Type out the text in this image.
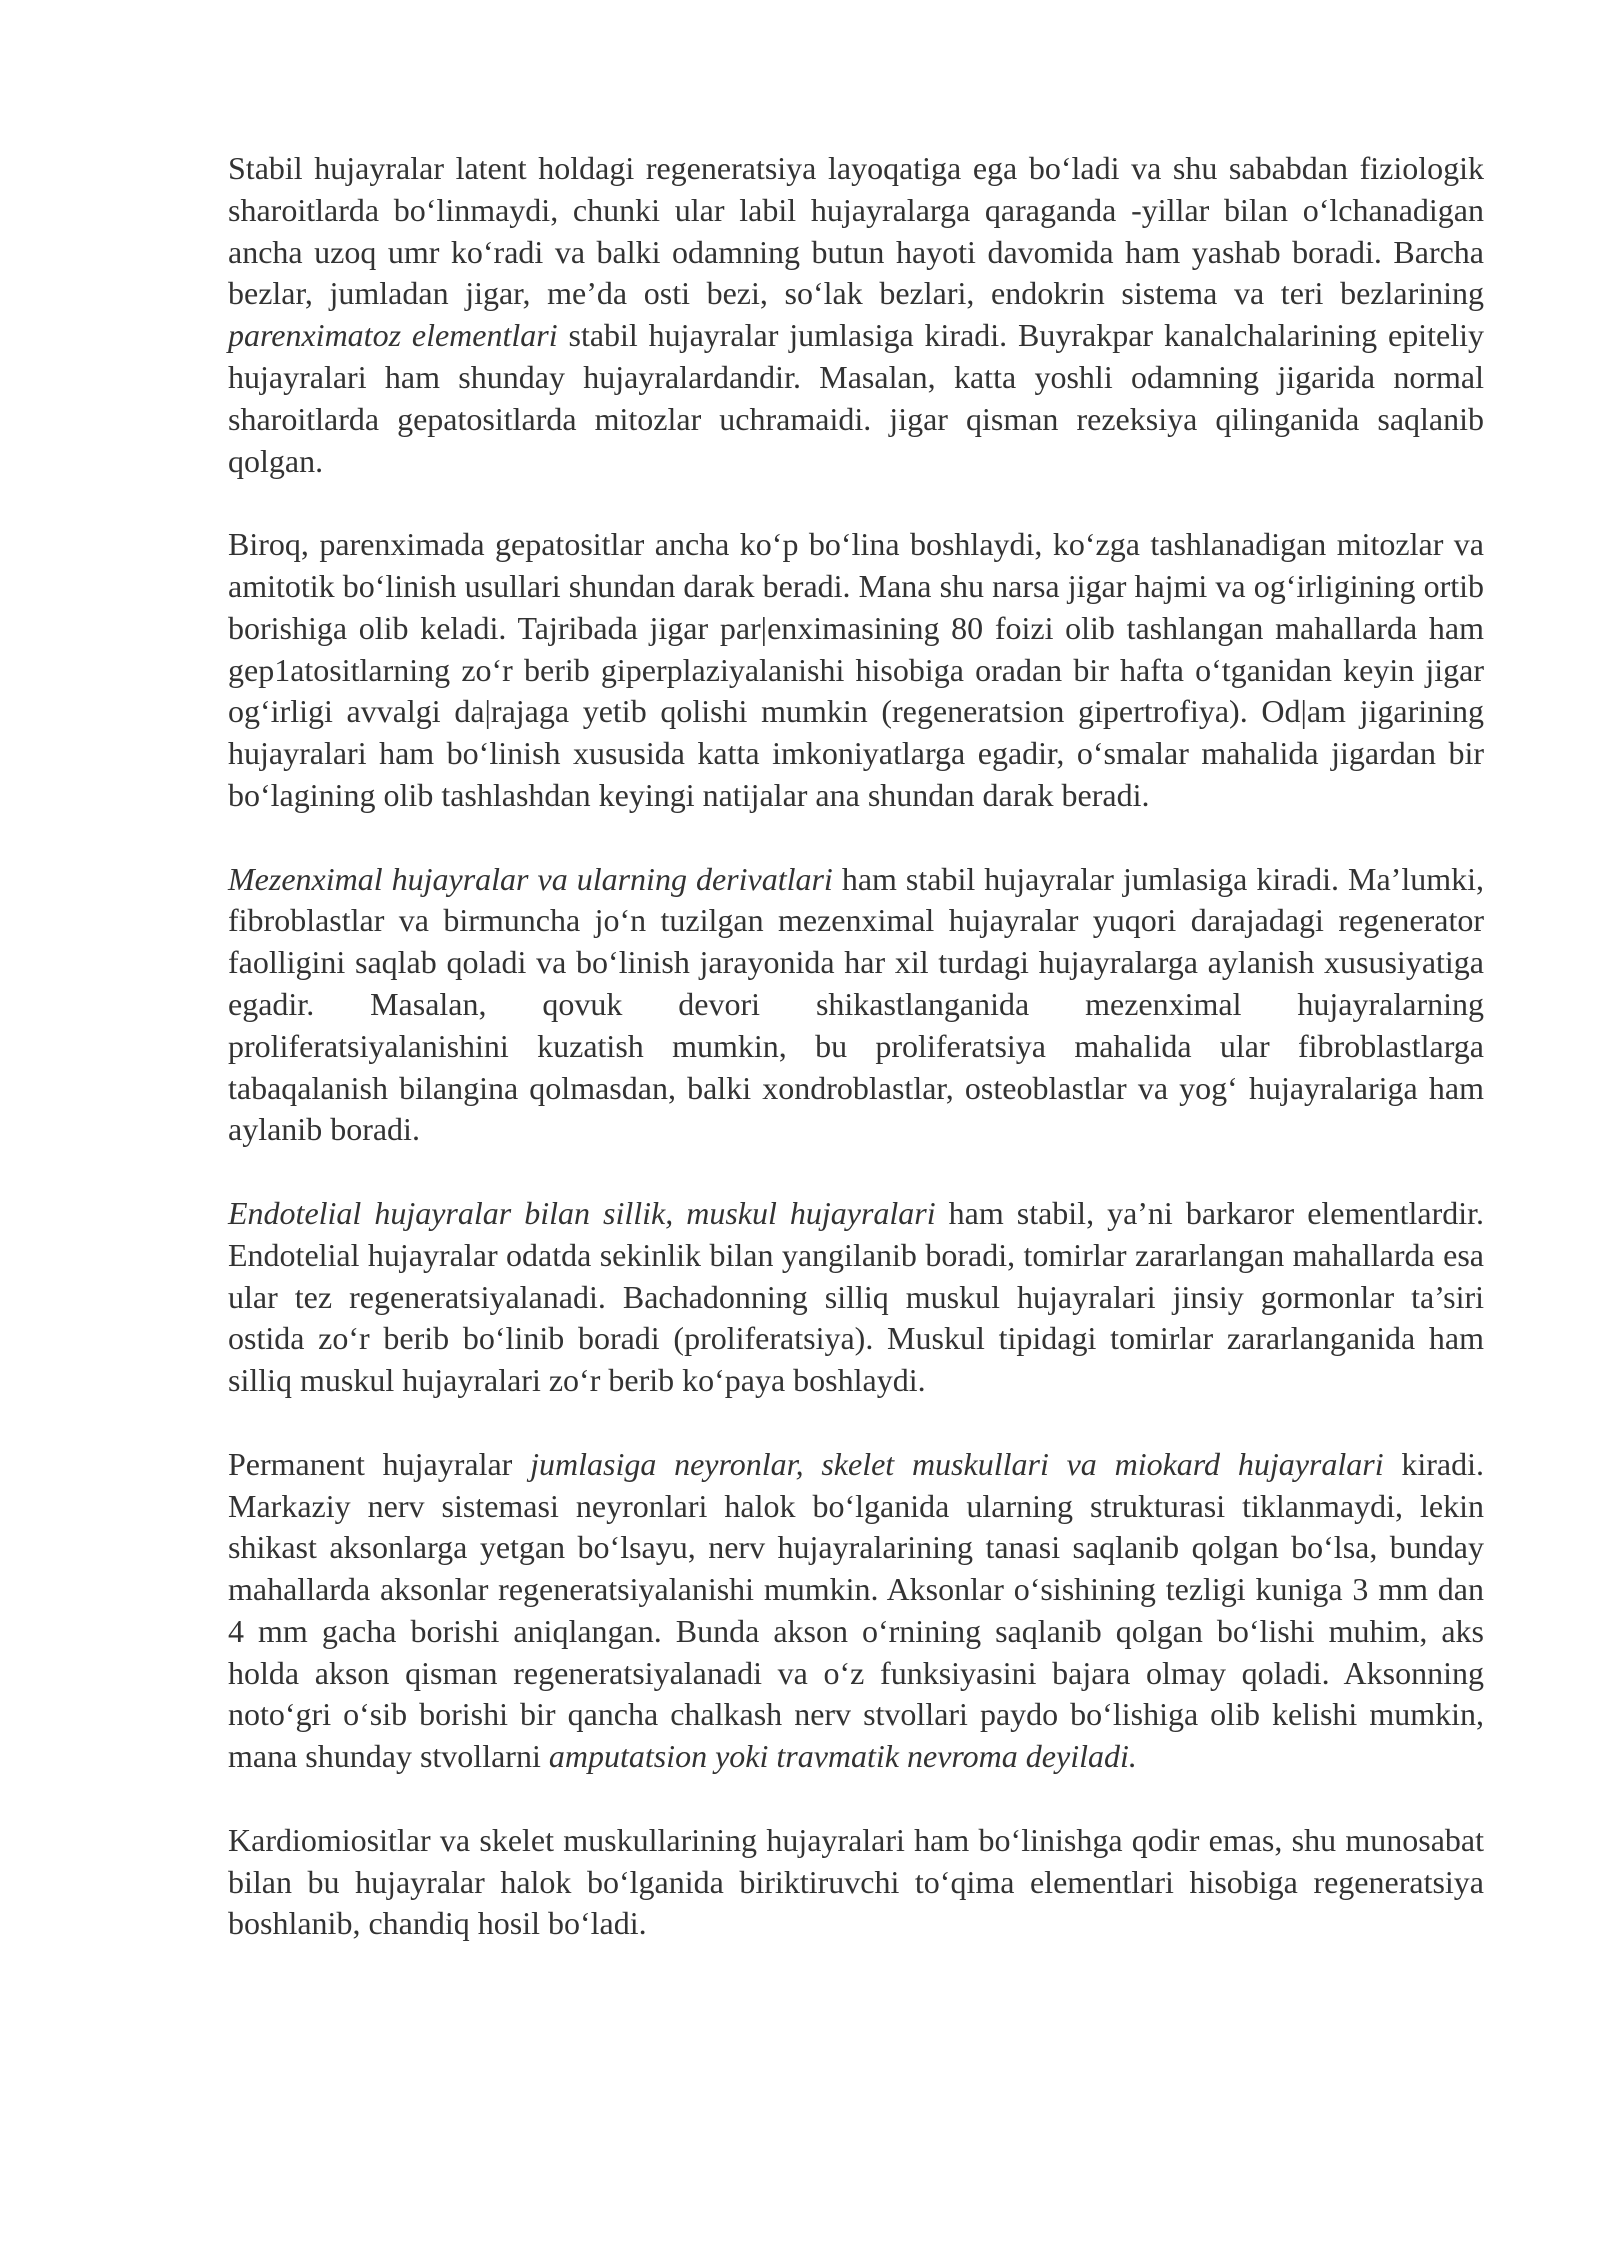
Stabil hujayralar latent holdagi regeneratsiya layoqatiga ega boʻladi va shu sababdan fiziologik sharoitlarda boʻlinmaydi, chunki ular labil hujayralarga qaraganda -yillar bilan oʻlchanadigan ancha uzoq umr koʻradi va balki odamning butun hayoti davomida ham yashab boradi. Barcha bezlar, jumladan jigar, me’da osti bezi, soʻlak bezlari, endokrin sistema va teri bezlarining parenximatoz elementlari stabil hujayralar jumlasiga kiradi. Buyrakpar kanalchalarining epiteliy hujayralari ham shunday hujayralardandir. Masalan, katta yoshli odamning jigarida normal sharoitlarda gepatositlarda mitozlar uchramaidi. jigar qisman rezeksiya qilinganida saqlanib qolgan.

Biroq, parenximada gepatositlar ancha koʻp boʻlina boshlaydi, koʻzga tashlanadigan mitozlar va amitotik boʻlinish usullari shundan darak beradi. Mana shu narsa jigar hajmi va ogʻirligining ortib borishiga olib keladi. Tajribada jigar par|enximasining 80 foizi olib tashlangan mahallarda ham gep1atositlarning zoʻr berib giperplaziyalanishi hisobiga oradan bir hafta oʻtganidan keyin jigar ogʻirligi avvalgi da|rajaga yetib qolishi mumkin (regeneratsion gipertrofiya). Od|am jigarining hujayralari ham boʻlinish xususida katta imkoniyatlarga egadir, oʻsmalar mahalida jigardan bir boʻlagining olib tashlashdan keyingi natijalar ana shundan darak beradi.

Mezenximal hujayralar va ularning derivatlari ham stabil hujayralar jumlasiga kiradi. Ma’lumki, fibroblastlar va birmuncha joʻn tuzilgan mezenximal hujayralar yuqori darajadagi regenerator faolligini saqlab qoladi va boʻlinish jarayonida har xil turdagi hujayralarga aylanish xususiyatiga egadir. Masalan, qovuk devori shikastlanganida mezenximal hujayralarning proliferatsiyalanishini kuzatish mumkin, bu proliferatsiya mahalida ular fibroblastlarga tabaqalanish bilangina qolmasdan, balki xondroblastlar, osteoblastlar va yogʻ hujayralariga ham aylanib boradi.

Endotelial hujayralar bilan sillik, muskul hujayralari ham stabil, ya’ni barkaror elementlardir. Endotelial hujayralar odatda sekinlik bilan yangilanib boradi, tomirlar zararlangan mahallarda esa ular tez regeneratsiyalanadi. Bachadonning silliq muskul hujayralari jinsiy gormonlar ta’siri ostida zoʻr berib boʻlinib boradi (proliferatsiya). Muskul tipidagi tomirlar zararlanganida ham silliq muskul hujayralari zoʻr berib koʻpaya boshlaydi.

Permanent hujayralar jumlasiga neyronlar, skelet muskullari va miokard hujayralari kiradi. Markaziy nerv sistemasi neyronlari halok boʻlganida ularning strukturasi tiklanmaydi, lekin shikast aksonlarga yetgan boʻlsayu, nerv hujayralarining tanasi saqlanib qolgan boʻlsa, bunday mahallarda aksonlar regeneratsiyalanishi mumkin. Aksonlar oʻsishining tezligi kuniga 3 mm dan 4 mm gacha borishi aniqlangan. Bunda akson oʻrnining saqlanib qolgan boʻlishi muhim, aks holda akson qisman regeneratsiyalanadi va oʻz funksiyasini bajara olmay qoladi. Aksonning notoʻgri oʻsib borishi bir qancha chalkash nerv stvollari paydo boʻlishiga olib kelishi mumkin, mana shunday stvollarni amputatsion yoki travmatik nevroma deyiladi.

Kardiomiositlar va skelet muskullarining hujayralari ham boʻlinishga qodir emas, shu munosabat bilan bu hujayralar halok boʻlganida biriktiruvchi toʻqima elementlari hisobiga regeneratsiya boshlanib, chandiq hosil boʻladi.
